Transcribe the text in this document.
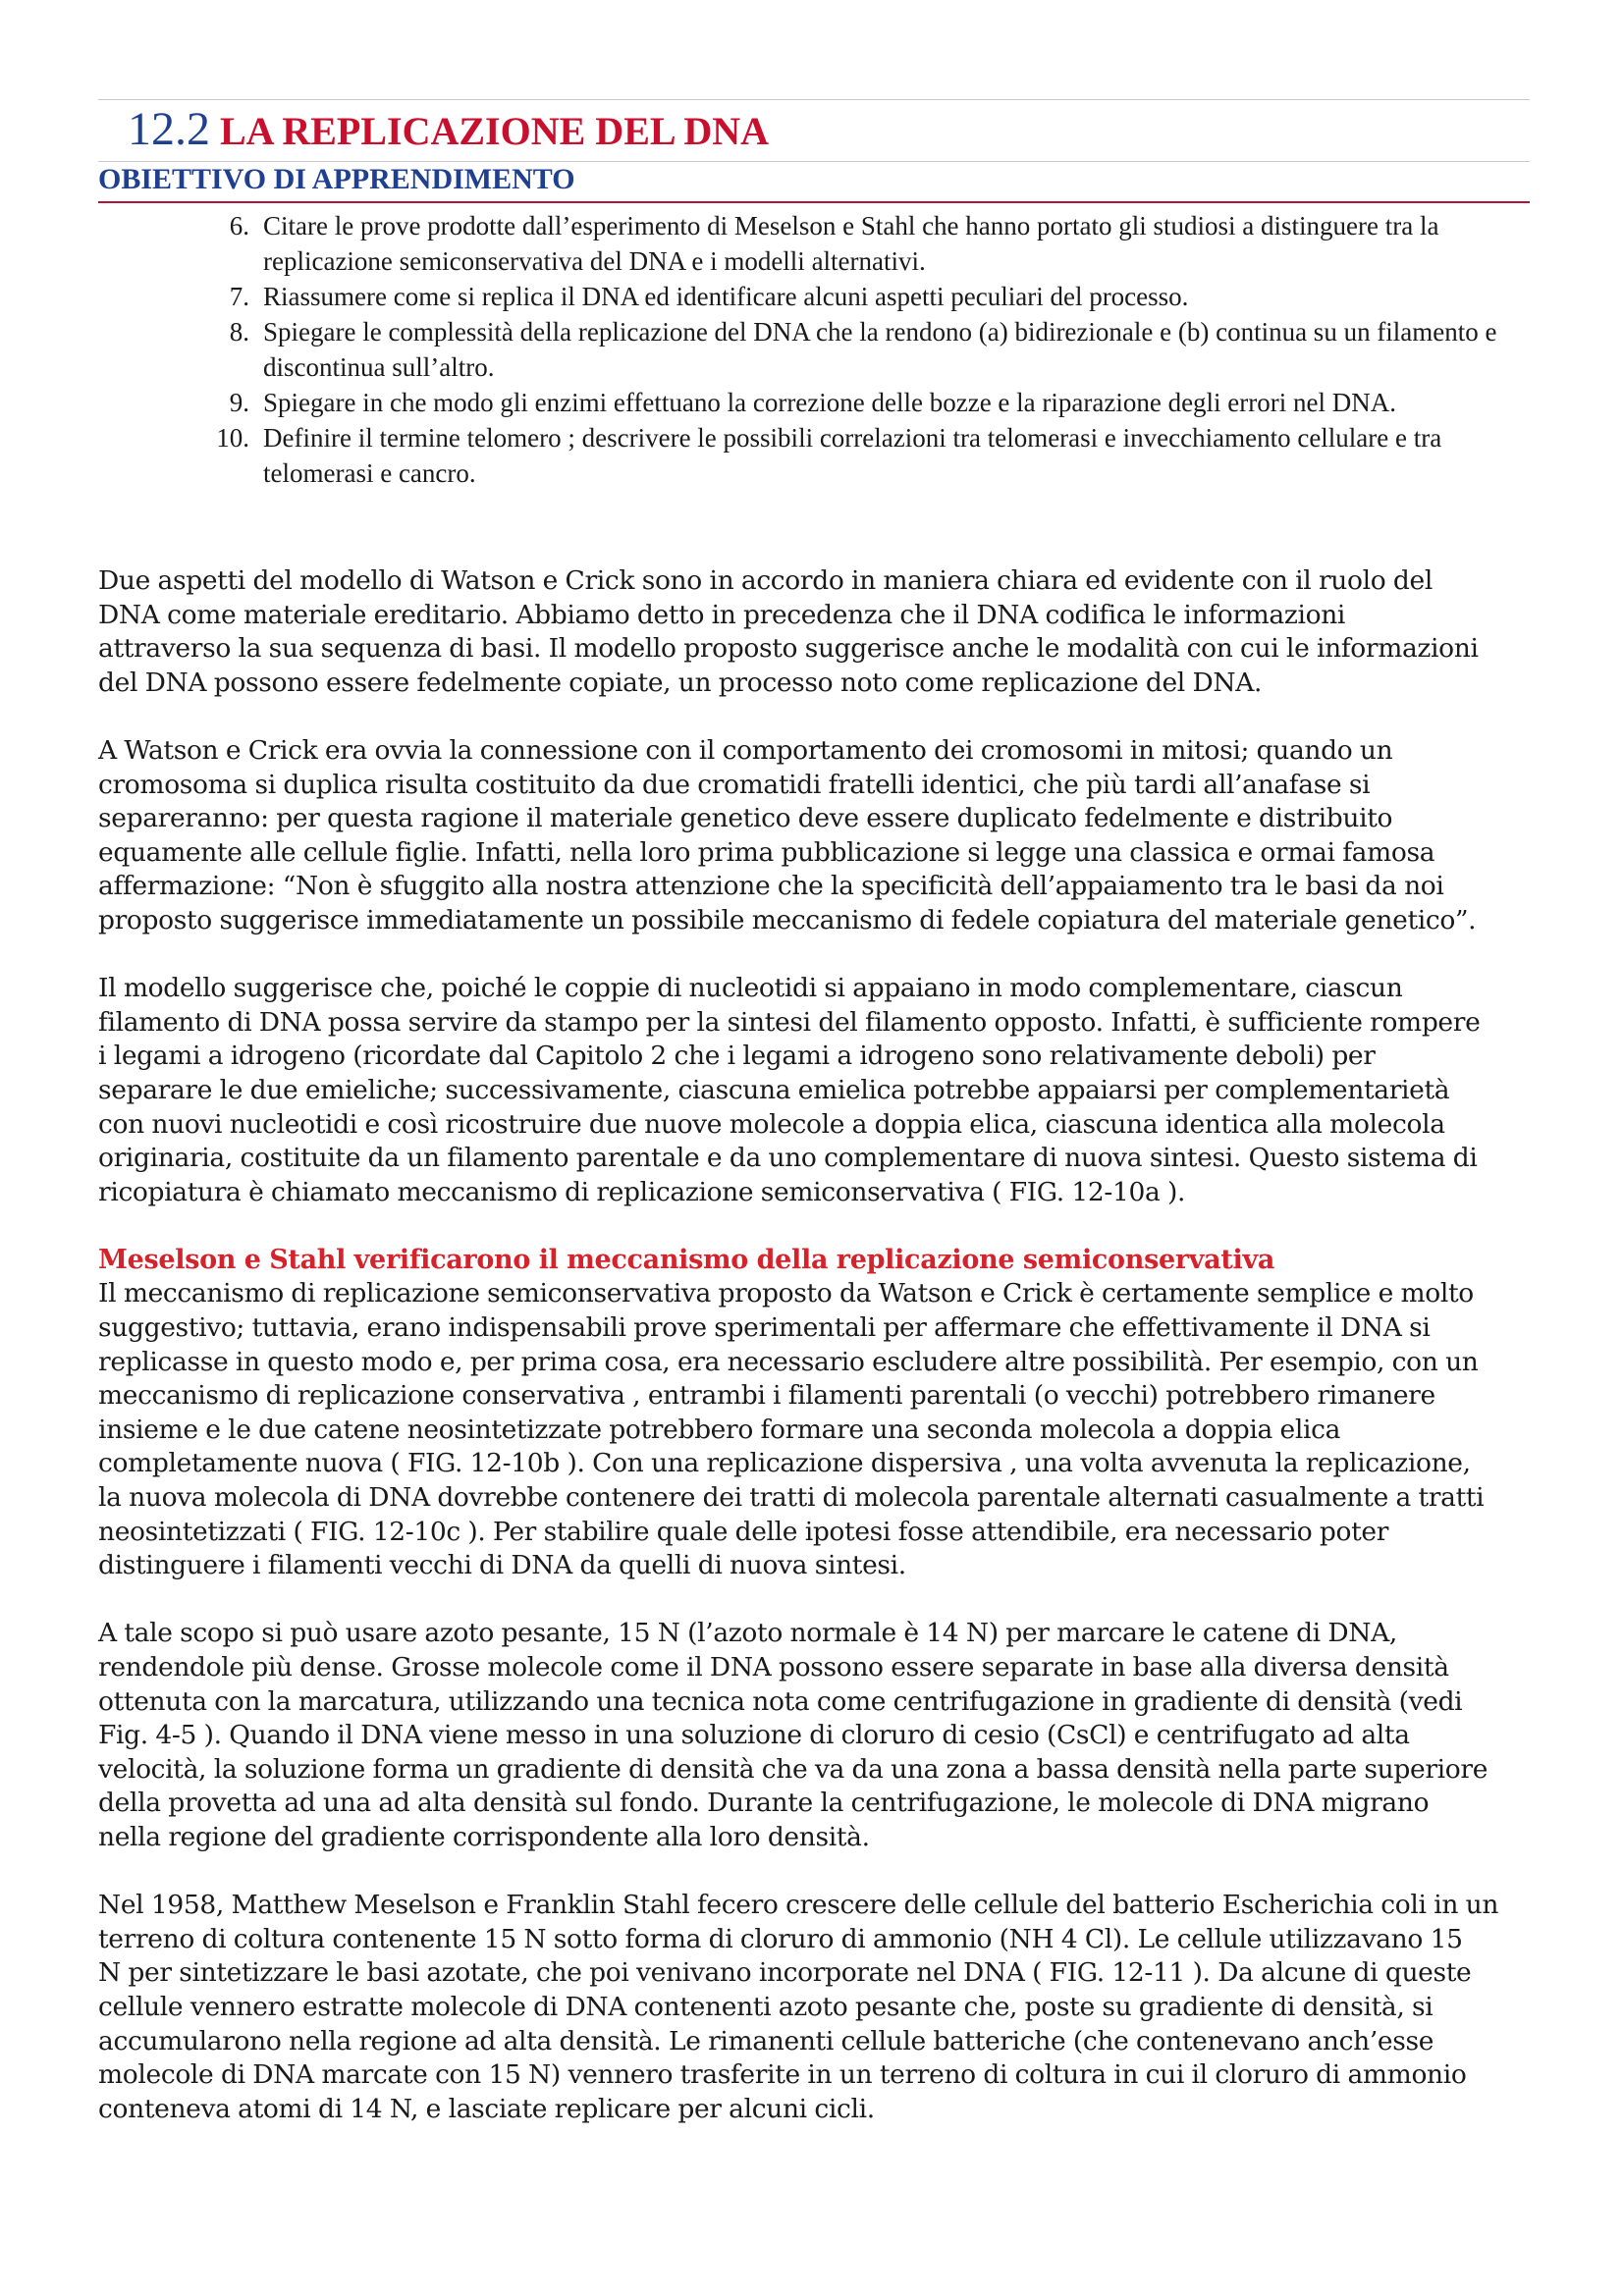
12.2 LA REPLICAZIONE DEL DNA
OBIETTIVO DI APPRENDIMENTO
6. Citare le prove prodotte dall’esperimento di Meselson e Stahl che hanno portato gli studiosi a distinguere tra la replicazione semiconservativa del DNA e i modelli alternativi.
7. Riassumere come si replica il DNA ed identificare alcuni aspetti peculiari del processo.
8. Spiegare le complessità della replicazione del DNA che la rendono (a) bidirezionale e (b) continua su un filamento e discontinua sull’altro.
9. Spiegare in che modo gli enzimi effettuano la correzione delle bozze e la riparazione degli errori nel DNA.
10. Definire il termine telomero ; descrivere le possibili correlazioni tra telomerasi e invecchiamento cellulare e tra telomerasi e cancro.

Due aspetti del modello di Watson e Crick sono in accordo in maniera chiara ed evidente con il ruolo del
DNA come materiale ereditario. Abbiamo detto in precedenza che il DNA codifica le informazioni
attraverso la sua sequenza di basi. Il modello proposto suggerisce anche le modalità con cui le informazioni
del DNA possono essere fedelmente copiate, un processo noto come replicazione del DNA.

A Watson e Crick era ovvia la connessione con il comportamento dei cromosomi in mitosi; quando un
cromosoma si duplica risulta costituito da due cromatidi fratelli identici, che più tardi all’anafase si
separeranno: per questa ragione il materiale genetico deve essere duplicato fedelmente e distribuito
equamente alle cellule figlie. Infatti, nella loro prima pubblicazione si legge una classica e ormai famosa
affermazione: “Non è sfuggito alla nostra attenzione che la specificità dell’appaiamento tra le basi da noi
proposto suggerisce immediatamente un possibile meccanismo di fedele copiatura del materiale genetico”.

Il modello suggerisce che, poiché le coppie di nucleotidi si appaiano in modo complementare, ciascun
filamento di DNA possa servire da stampo per la sintesi del filamento opposto. Infatti, è sufficiente rompere
i legami a idrogeno (ricordate dal Capitolo 2 che i legami a idrogeno sono relativamente deboli) per
separare le due emieliche; successivamente, ciascuna emielica potrebbe appaiarsi per complementarietà
con nuovi nucleotidi e così ricostruire due nuove molecole a doppia elica, ciascuna identica alla molecola
originaria, costituite da un filamento parentale e da uno complementare di nuova sintesi. Questo sistema di
ricopiatura è chiamato meccanismo di replicazione semiconservativa ( FIG. 12-10a ).

Meselson e Stahl verificarono il meccanismo della replicazione semiconservativa

Il meccanismo di replicazione semiconservativa proposto da Watson e Crick è certamente semplice e molto
suggestivo; tuttavia, erano indispensabili prove sperimentali per affermare che effettivamente il DNA si
replicasse in questo modo e, per prima cosa, era necessario escludere altre possibilità. Per esempio, con un
meccanismo di replicazione conservativa , entrambi i filamenti parentali (o vecchi) potrebbero rimanere
insieme e le due catene neosintetizzate potrebbero formare una seconda molecola a doppia elica
completamente nuova ( FIG. 12-10b ). Con una replicazione dispersiva , una volta avvenuta la replicazione,
la nuova molecola di DNA dovrebbe contenere dei tratti di molecola parentale alternati casualmente a tratti
neosintetizzati ( FIG. 12-10c ). Per stabilire quale delle ipotesi fosse attendibile, era necessario poter
distinguere i filamenti vecchi di DNA da quelli di nuova sintesi.

A tale scopo si può usare azoto pesante, 15 N (l’azoto normale è 14 N) per marcare le catene di DNA,
rendendole più dense. Grosse molecole come il DNA possono essere separate in base alla diversa densità
ottenuta con la marcatura, utilizzando una tecnica nota come centrifugazione in gradiente di densità (vedi
Fig. 4-5 ). Quando il DNA viene messo in una soluzione di cloruro di cesio (CsCl) e centrifugato ad alta
velocità, la soluzione forma un gradiente di densità che va da una zona a bassa densità nella parte superiore
della provetta ad una ad alta densità sul fondo. Durante la centrifugazione, le molecole di DNA migrano
nella regione del gradiente corrispondente alla loro densità.

Nel 1958, Matthew Meselson e Franklin Stahl fecero crescere delle cellule del batterio Escherichia coli in un
terreno di coltura contenente 15 N sotto forma di cloruro di ammonio (NH 4 Cl). Le cellule utilizzavano 15
N per sintetizzare le basi azotate, che poi venivano incorporate nel DNA ( FIG. 12-11 ). Da alcune di queste
cellule vennero estratte molecole di DNA contenenti azoto pesante che, poste su gradiente di densità, si
accumularono nella regione ad alta densità. Le rimanenti cellule batteriche (che contenevano anch’esse
molecole di DNA marcate con 15 N) vennero trasferite in un terreno di coltura in cui il cloruro di ammonio
conteneva atomi di 14 N, e lasciate replicare per alcuni cicli.
